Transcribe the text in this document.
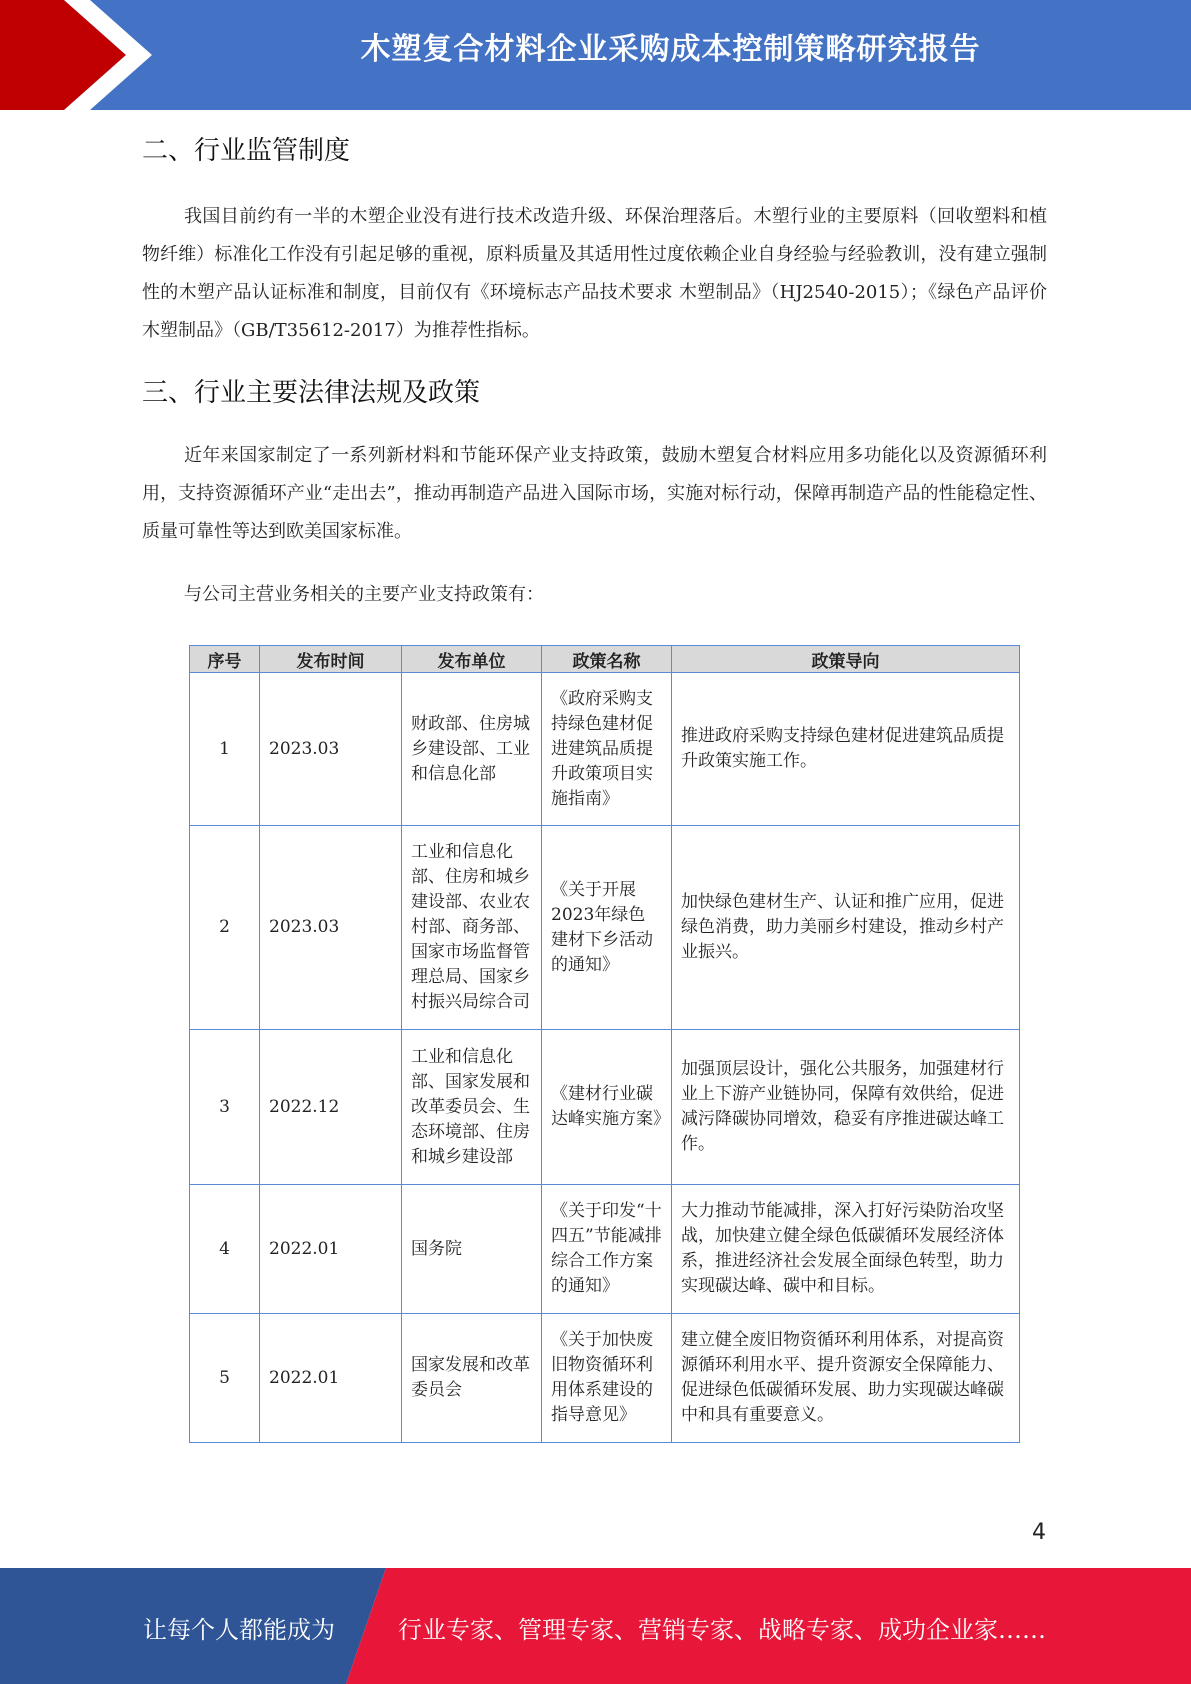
木塑复合材料企业采购成本控制策略研究报告
二、行业监管制度

我国目前约有一半的木塑企业没有进行技术改造升级、环保治理落后。木塑行业的主要原料（回收塑料和植物纤维）标准化工作没有引起足够的重视，原料质量及其适用性过度依赖企业自身经验与经验教训，没有建立强制性的木塑产品认证标准和制度，目前仅有《环境标志产品技术要求 木塑制品》（HJ2540-2015）；《绿色产品评价木塑制品》（GB/T35612-2017）为推荐性指标。

三、行业主要法律法规及政策

近年来国家制定了一系列新材料和节能环保产业支持政策，鼓励木塑复合材料应用多功能化以及资源循环利用，支持资源循环产业“走出去”，推动再制造产品进入国际市场，实施对标行动，保障再制造产品的性能稳定性、质量可靠性等达到欧美国家标准。

与公司主营业务相关的主要产业支持政策有：

序号	发布时间	发布单位	政策名称	政策导向
1	2023.03	财政部、住房城乡建设部、工业和信息化部	《政府采购支持绿色建材促进建筑品质提升政策项目实施指南》	推进政府采购支持绿色建材促进建筑品质提升政策实施工作。
2	2023.03	工业和信息化部、住房和城乡建设部、农业农村部、商务部、国家市场监督管理总局、国家乡村振兴局综合司	《关于开展2023年绿色建材下乡活动的通知》	加快绿色建材生产、认证和推广应用，促进绿色消费，助力美丽乡村建设，推动乡村产业振兴。
3	2022.12	工业和信息化部、国家发展和改革委员会、生态环境部、住房和城乡建设部	《建材行业碳达峰实施方案》	加强顶层设计，强化公共服务，加强建材行业上下游产业链协同，保障有效供给，促进减污降碳协同增效，稳妥有序推进碳达峰工作。
4	2022.01	国务院	《关于印发“十四五”节能减排综合工作方案的通知》	大力推动节能减排，深入打好污染防治攻坚战，加快建立健全绿色低碳循环发展经济体系，推进经济社会发展全面绿色转型，助力实现碳达峰、碳中和目标。
5	2022.01	国家发展和改革委员会	《关于加快废旧物资循环利用体系建设的指导意见》	建立健全废旧物资循环利用体系，对提高资源循环利用水平、提升资源安全保障能力、促进绿色低碳循环发展、助力实现碳达峰碳中和具有重要意义。
4
让每个人都能成为	行业专家、管理专家、营销专家、战略专家、成功企业家……
